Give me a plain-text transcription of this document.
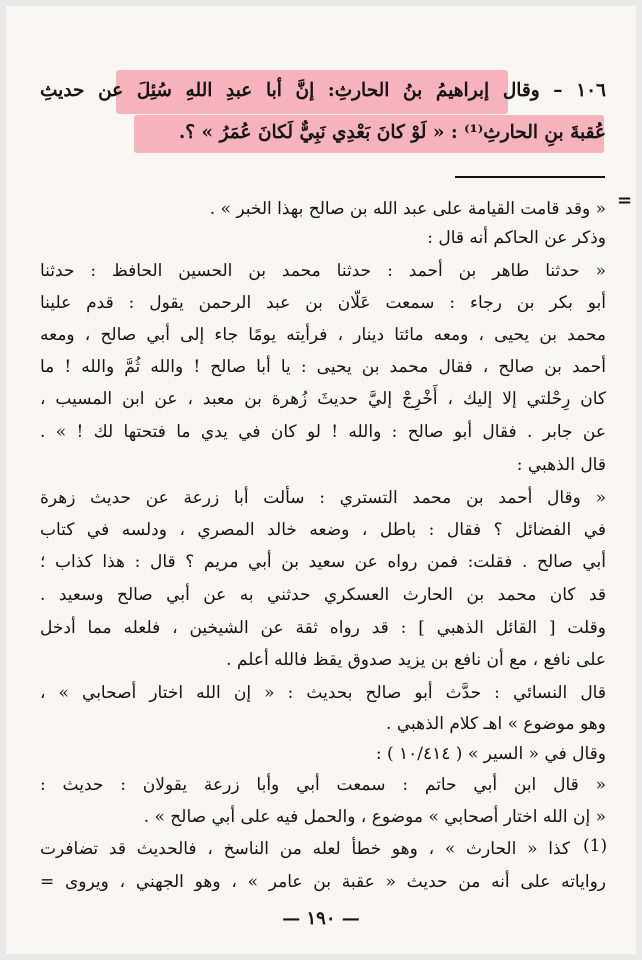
١٠٦ – وقال إبراهيمُ بنُ الحارثِ: إنَّ أبا عبدِ اللهِ سُئِلَ عن حديثِ
عُقبةَ بنِ الحارثِ⁽¹⁾ : « لَوْ كانَ بَعْدِي نَبِيٌّ لَكانَ عُمَرُ » ؟.
=
« وقد قامت القيامة على عبد الله بن صالح بهذا الخبر » .
وذكر عن الحاكم أنه قال :
« حدثنا طاهر بن أحمد : حدثنا محمد بن الحسين الحافظ : حدثنا
أبو بكر بن رجاء : سمعت عَلّان بن عبد الرحمن يقول : قدم علينا
محمد بن يحيى ، ومعه مائتا دينار ، فرأيته يومًا جاء إلى أبي صالح ، ومعه
أحمد بن صالح ، فقال محمد بن يحيى : يا أبا صالح ! والله ثُمَّ والله ! ما
كان رِحْلتي إلا إليك ، أَخْرِجْ إليَّ حديثَ زُهرة بن معبد ، عن ابن المسيب ،
عن جابر . فقال أبو صالح : والله ! لو كان في يدي ما فتحتها لك ! » .
قال الذهبي :
« وقال أحمد بن محمد التستري : سألت أبا زرعة عن حديث زهرة
في الفضائل ؟ فقال : باطل ، وضعه خالد المصري ، ودلسه في كتاب
أبي صالح . فقلت: فمن رواه عن سعيد بن أبي مريم ؟ قال : هذا كذاب ؛
قد كان محمد بن الحارث العسكري حدثني به عن أبي صالح وسعيد .
وقلت [ القائل الذهبي ] : قد رواه ثقة عن الشيخين ، فلعله مما أدخل
على نافع ، مع أن نافع بن يزيد صدوق يقظ فالله أعلم .
قال النسائي : حدَّث أبو صالح بحديث : « إن الله اختار أصحابي » ،
وهو موضوع » اهـ كلام الذهبي .
وقال في « السير » ( ١٠/٤١٤ ) :
« قال ابن أبي حاتم : سمعت أبي وأبا زرعة يقولان : حديث :
« إن الله اختار أصحابي » موضوع ، والحمل فيه على أبي صالح » .
(1)
كذا « الحارث » ، وهو خطأ لعله من الناسخ ، فالحديث قد تضافرت
رواياته على أنه من حديث « عقبة بن عامر » ، وهو الجهني ، ويروى =
— ١٩٠ —
